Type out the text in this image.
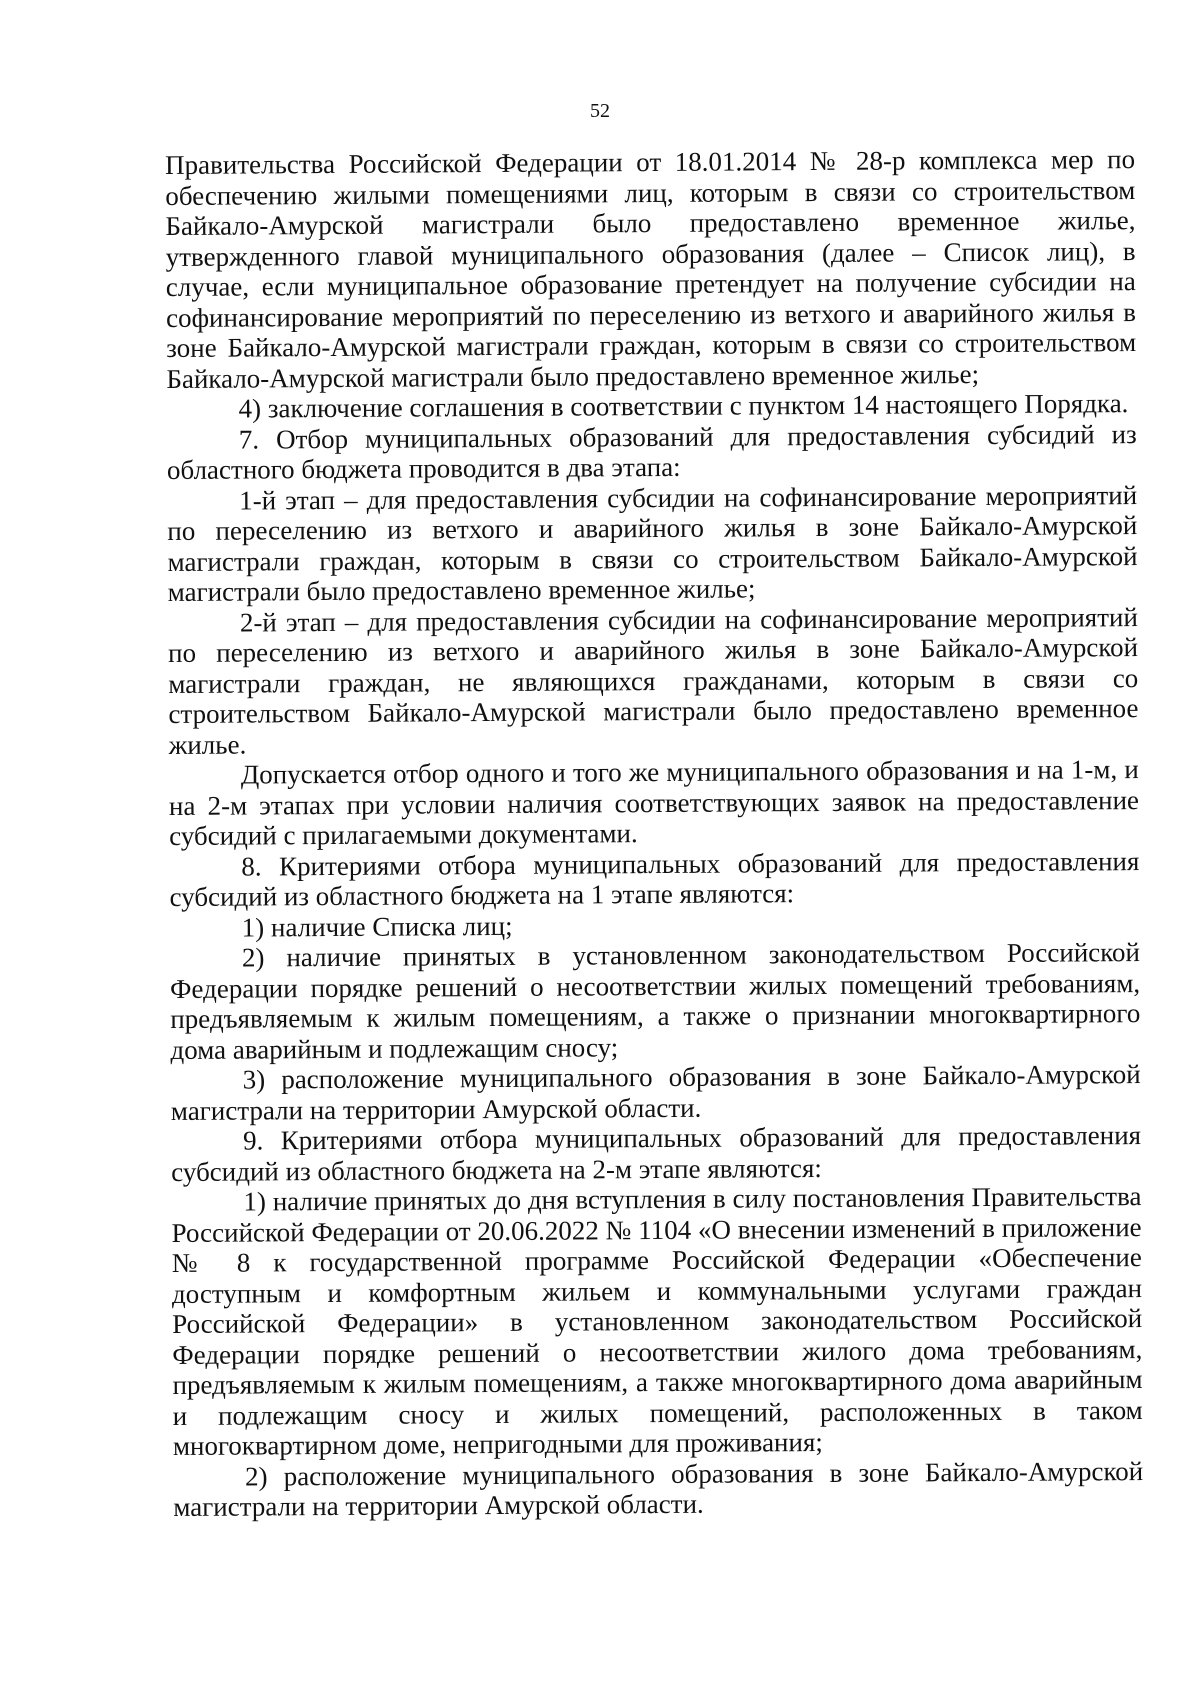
52

Правительства Российской Федерации от 18.01.2014 № 28-р комплекса мер по обеспечению жилыми помещениями лиц, которым в связи со строительством Байкало-Амурской магистрали было предоставлено временное жилье, утвержденного главой муниципального образования (далее – Список лиц), в случае, если муниципальное образование претендует на получение субсидии на софинансирование мероприятий по переселению из ветхого и аварийного жилья в зоне Байкало-Амурской магистрали граждан, которым в связи со строительством Байкало-Амурской магистрали было предоставлено временное жилье;

4) заключение соглашения в соответствии с пунктом 14 настоящего Порядка.

7. Отбор муниципальных образований для предоставления субсидий из областного бюджета проводится в два этапа:

1-й этап – для предоставления субсидии на софинансирование мероприятий по переселению из ветхого и аварийного жилья в зоне Байкало-Амурской магистрали граждан, которым в связи со строительством Байкало-Амурской магистрали было предоставлено временное жилье;

2-й этап – для предоставления субсидии на софинансирование мероприятий по переселению из ветхого и аварийного жилья в зоне Байкало-Амурской магистрали граждан, не являющихся гражданами, которым в связи со строительством Байкало-Амурской магистрали было предоставлено временное жилье.

Допускается отбор одного и того же муниципального образования и на 1-м, и на 2-м этапах при условии наличия соответствующих заявок на предоставление субсидий с прилагаемыми документами.

8. Критериями отбора муниципальных образований для предоставления субсидий из областного бюджета на 1 этапе являются:

1) наличие Списка лиц;

2) наличие принятых в установленном законодательством Российской Федерации порядке решений о несоответствии жилых помещений требованиям, предъявляемым к жилым помещениям, а также о признании многоквартирного дома аварийным и подлежащим сносу;

3) расположение муниципального образования в зоне Байкало-Амурской магистрали на территории Амурской области.

9. Критериями отбора муниципальных образований для предоставления субсидий из областного бюджета на 2-м этапе являются:

1) наличие принятых до дня вступления в силу постановления Правительства Российской Федерации от 20.06.2022 № 1104 «О внесении изменений в приложение № 8 к государственной программе Российской Федерации «Обеспечение доступным и комфортным жильем и коммунальными услугами граждан Российской Федерации» в установленном законодательством Российской Федерации порядке решений о несоответствии жилого дома требованиям, предъявляемым к жилым помещениям, а также многоквартирного дома аварийным и подлежащим сносу и жилых помещений, расположенных в таком многоквартирном доме, непригодными для проживания;

2) расположение муниципального образования в зоне Байкало-Амурской магистрали на территории Амурской области.
